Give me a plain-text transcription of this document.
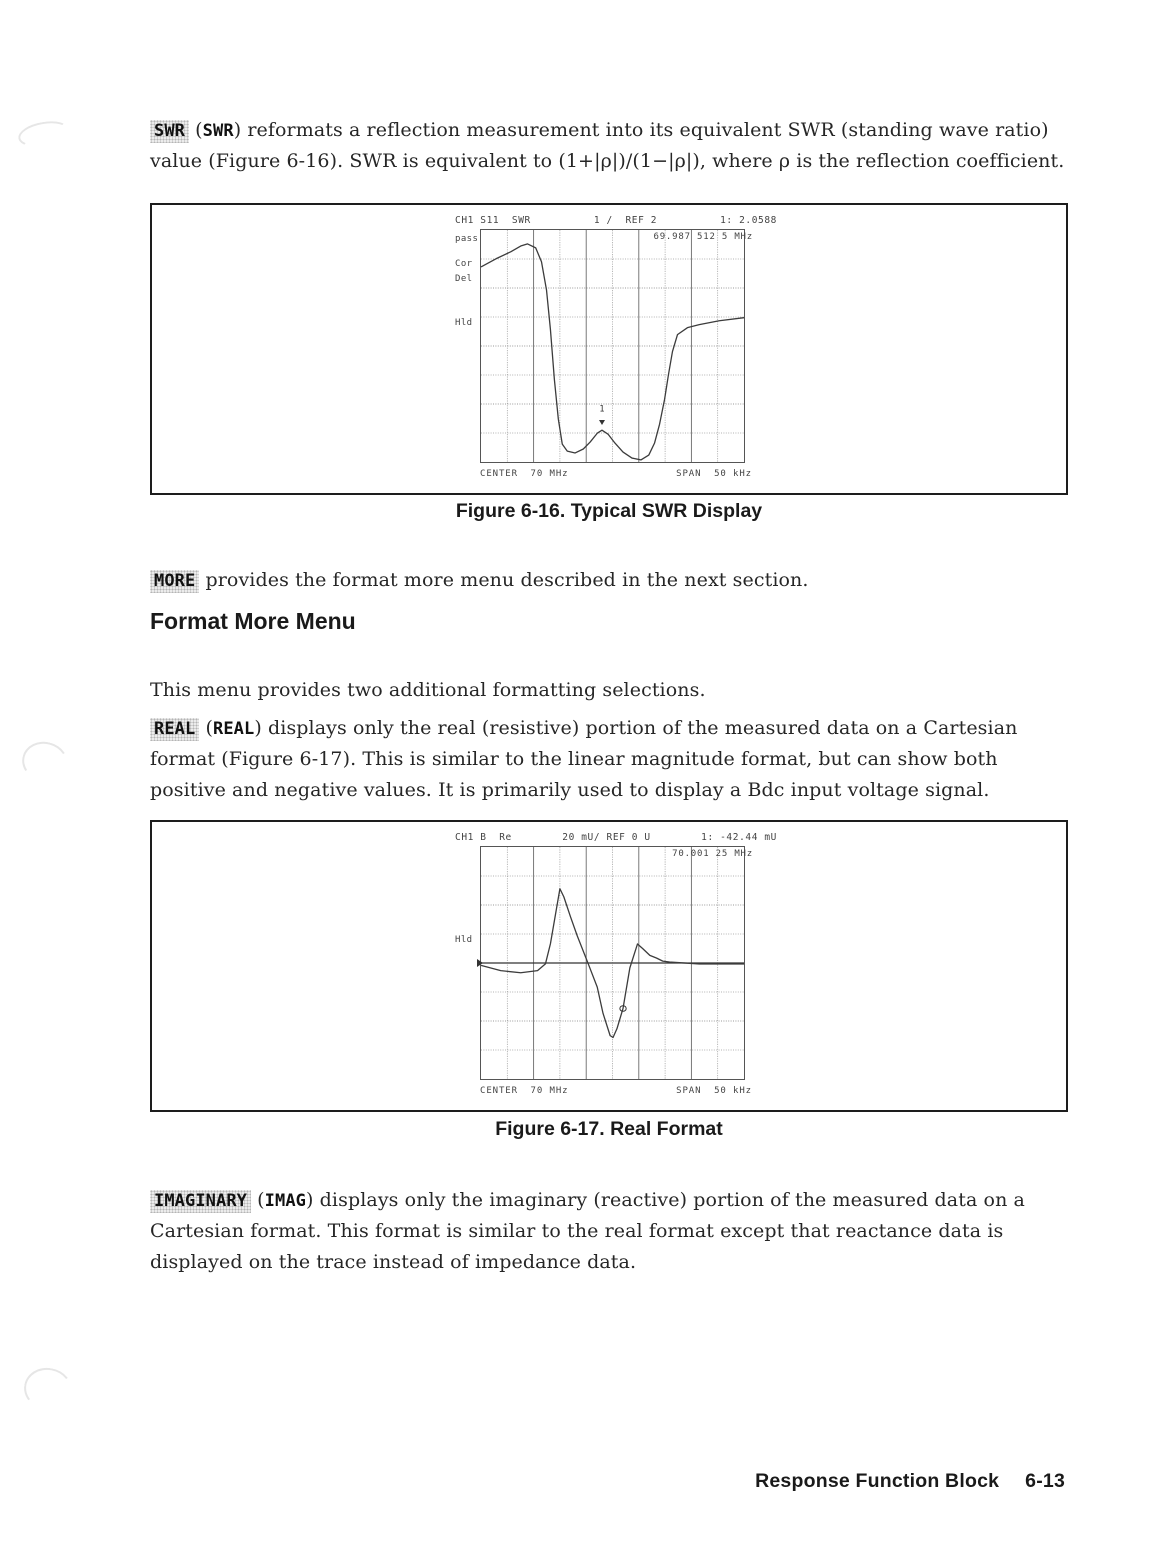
SWR (SWR) reformats a reflection measurement into its equivalent SWR (standing wave ratio) value (Figure 6-16). SWR is equivalent to (1+|ρ|)/(1−|ρ|), where ρ is the reflection coefficient.

CH1 S11  SWR	1 /  REF 2	1: 2.0588
69.987 512 5 MHz
1
pass
Cor
Del
Hld
CENTER  70 MHz	SPAN  50 kHz
Figure 6-16. Typical SWR Display

MORE provides the format more menu described in the next section.

Format More Menu

This menu provides two additional formatting selections.

REAL (REAL) displays only the real (resistive) portion of the measured data on a Cartesian format (Figure 6-17). This is similar to the linear magnitude format, but can show both positive and negative values. It is primarily used to display a Bdc input voltage signal.

CH1 B  Re	20 mU/ REF 0 U	1: -42.44 mU
70.001 25 MHz
Hld
CENTER  70 MHz	SPAN  50 kHz
Figure 6-17. Real Format

IMAGINARY (IMAG) displays only the imaginary (reactive) portion of the measured data on a Cartesian format. This format is similar to the real format except that reactance data is displayed on the trace instead of impedance data.

Response Function Block 6-13
